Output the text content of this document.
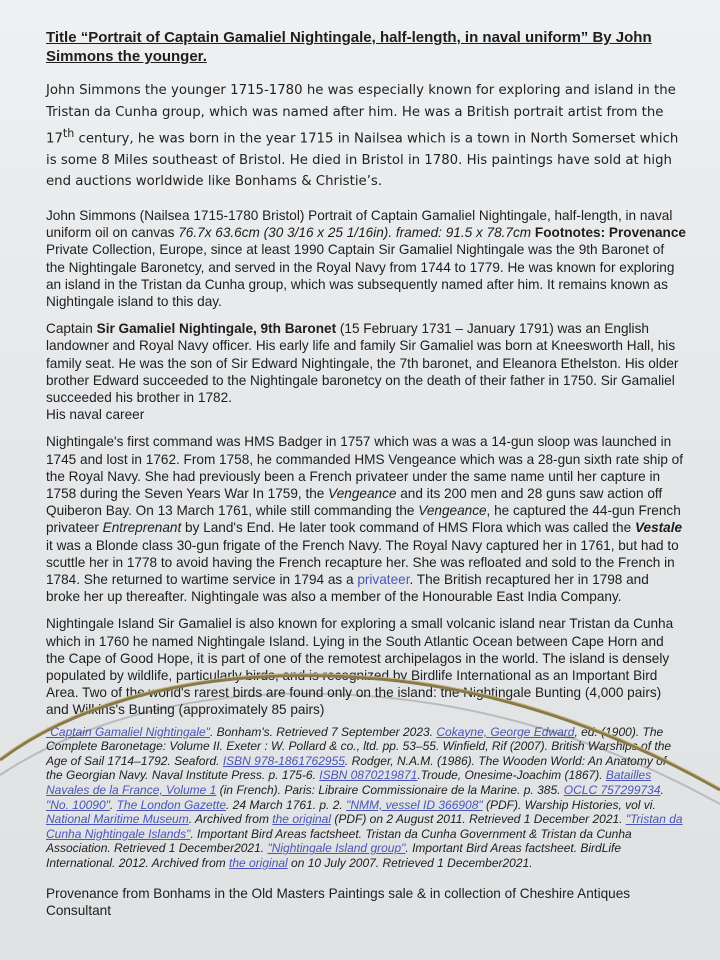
Title “Portrait of Captain Gamaliel Nightingale, half-length, in naval uniform” By John Simmons the younger.

John Simmons the younger 1715-1780 he was especially known for exploring and island in the Tristan da Cunha group, which was named after him. He was a British portrait artist from the 17th century, he was born in the year 1715 in Nailsea which is a town in North Somerset which is some 8 Miles southeast of Bristol. He died in Bristol in 1780. His paintings have sold at high end auctions worldwide like Bonhams & Christie’s.

John Simmons (Nailsea 1715-1780 Bristol) Portrait of Captain Gamaliel Nightingale, half-length, in naval uniform oil on canvas 76.7x 63.6cm (30 3/16 x 25 1/16in). framed: 91.5 x 78.7cm Footnotes: Provenance Private Collection, Europe, since at least 1990 Captain Sir Gamaliel Nightingale was the 9th Baronet of the Nightingale Baronetcy, and served in the Royal Navy from 1744 to 1779. He was known for exploring an island in the Tristan da Cunha group, which was subsequently named after him. It remains known as Nightingale island to this day.

Captain Sir Gamaliel Nightingale, 9th Baronet (15 February 1731 – January 1791) was an English landowner and Royal Navy officer. His early life and family Sir Gamaliel was born at Kneesworth Hall, his family seat. He was the son of Sir Edward Nightingale, the 7th baronet, and Eleanora Ethelston. His older brother Edward succeeded to the Nightingale baronetcy on the death of their father in 1750. Sir Gamaliel succeeded his brother in 1782.
His naval career

Nightingale's first command was HMS Badger in 1757 which was a was a 14-gun sloop was launched in 1745 and lost in 1762. From 1758, he commanded HMS Vengeance which was a 28-gun sixth rate ship of the Royal Navy. She had previously been a French privateer under the same name until her capture in 1758 during the Seven Years War In 1759, the Vengeance and its 200 men and 28 guns saw action off Quiberon Bay. On 13 March 1761, while still commanding the Vengeance, he captured the 44-gun French privateer Entreprenant by Land's End. He later took command of HMS Flora which was called the Vestale it was a Blonde class 30-gun frigate of the French Navy. The Royal Navy captured her in 1761, but had to scuttle her in 1778 to avoid having the French recapture her. She was refloated and sold to the French in 1784. She returned to wartime service in 1794 as a privateer. The British recaptured her in 1798 and broke her up thereafter. Nightingale was also a member of the Honourable East India Company.

Nightingale Island Sir Gamaliel is also known for exploring a small volcanic island near Tristan da Cunha which in 1760 he named Nightingale Island. Lying in the South Atlantic Ocean between Cape Horn and the Cape of Good Hope, it is part of one of the remotest archipelagos in the world. The island is densely populated by wildlife, particularly birds, and is recognized by Birdlife International as an Important Bird Area. Two of the world's rarest birds are found only on the island: the Nightingale Bunting (4,000 pairs) and Wilkins's Bunting (approximately 85 pairs)

"Captain Gamaliel Nightingale". Bonham's. Retrieved 7 September 2023. Cokayne, George Edward, ed. (1900). The Complete Baronetage: Volume II. Exeter : W. Pollard & co., ltd. pp. 53–55. Winfield, Rif (2007). British Warships of the Age of Sail 1714–1792. Seaford. ISBN 978-1861762955. Rodger, N.A.M. (1986). The Wooden World: An Anatomy of the Georgian Navy. Naval Institute Press. p. 175-6. ISBN 0870219871.Troude, Onesime-Joachim (1867). Batailles Navales de la France, Volume 1 (in French). Paris: Libraire Commissionaire de la Marine. p. 385. OCLC 757299734. "No. 10090". The London Gazette. 24 March 1761. p. 2. "NMM, vessel ID 366908" (PDF). Warship Histories, vol vi. National Maritime Museum. Archived from the original (PDF) on 2 August 2011. Retrieved 1 December 2021. "Tristan da Cunha Nightingale Islands". Important Bird Areas factsheet. Tristan da Cunha Government & Tristan da Cunha Association. Retrieved 1 December2021. "Nightingale Island group". Important Bird Areas factsheet. BirdLife International. 2012. Archived from the original on 10 July 2007. Retrieved 1 December2021.

Provenance from Bonhams in the Old Masters Paintings sale & in collection of Cheshire Antiques Consultant
